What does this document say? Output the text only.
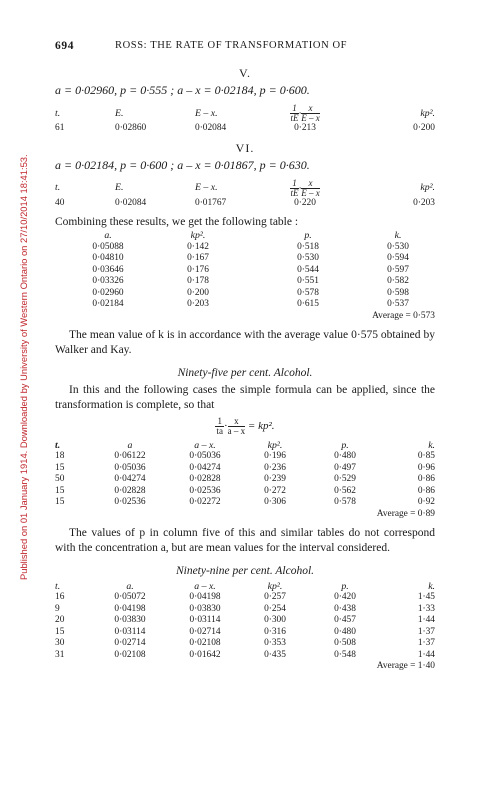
Published on 01 January 1914. Downloaded by University of Western Ontario on 27/10/2014 18:41:53.
694	ROSS: THE RATE OF TRANSFORMATION OF
V.
a = 0·02960, p = 0·555 ; a – x = 0·02184, p = 0·600.
t.	E.	E – x.	$\frac{1}{tE} \cdot \frac{x}{E - x}$	kp².
61	0·02860	0·02084	0·213	0·200
VI.
a = 0·02184, p = 0·600 ; a – x = 0·01867, p = 0·630.
t.	E.	E – x.	$\frac{1}{tE} \cdot \frac{x}{E - x}$	kp².
40	0·02084	0·01767	0·220	0·203
Combining these results, we get the following table :
a.	kp².	p.	k.
0·05088	0·142	0·518	0·530
0·04810	0·167	0·530	0·594
0·03646	0·176	0·544	0·597
0·03326	0·178	0·551	0·582
0·02960	0·200	0·578	0·598
0·02184	0·203	0·615	0·537
Average = 0·573
The mean value of k is in accordance with the average value 0·575 obtained by Walker and Kay.
Ninety-five per cent. Alcohol.
In this and the following cases the simple formula can be applied, since the transformation is complete, so that
$\frac{1}{ta} \cdot \frac{x}{a - x} = kp^2$.
t.	a	a – x.	kp².	p.	k.
18	0·06122	0·05036	0·196	0·480	0·85
15	0·05036	0·04274	0·236	0·497	0·96
50	0·04274	0·02828	0·239	0·529	0·86
15	0·02828	0·02536	0·272	0·562	0·86
15	0·02536	0·02272	0·306	0·578	0·92
Average = 0·89
The values of p in column five of this and similar tables do not correspond with the concentration a, but are mean values for the interval considered.
Ninety-nine per cent. Alcohol.
t.	a.	a – x.	kp².	p.	k.
16	0·05072	0·04198	0·257	0·420	1·45
9	0·04198	0·03830	0·254	0·438	1·33
20	0·03830	0·03114	0·300	0·457	1·44
15	0·03114	0·02714	0·316	0·480	1·37
30	0·02714	0·02108	0·353	0·508	1·37
31	0·02108	0·01642	0·435	0·548	1·44
Average = 1·40
